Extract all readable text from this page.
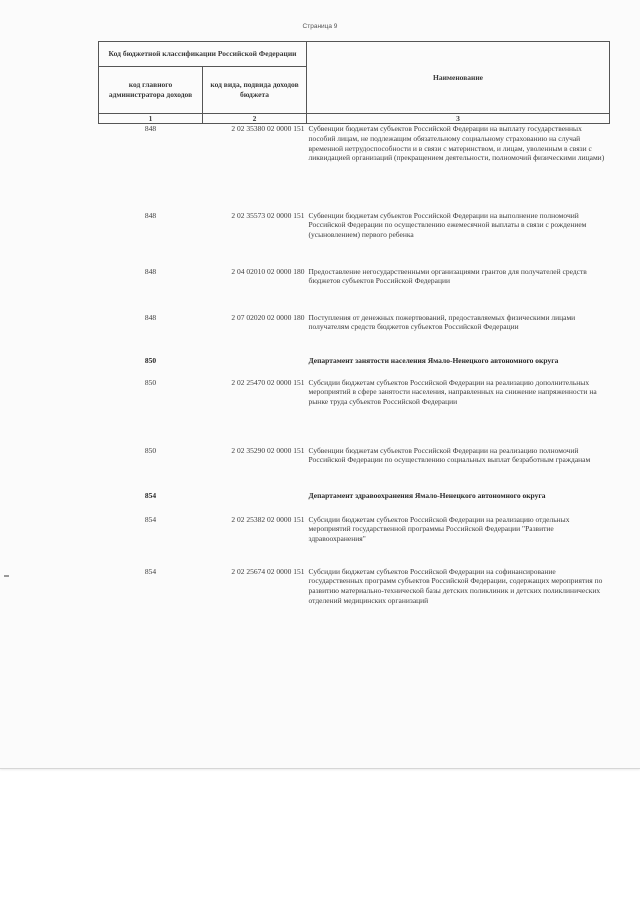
Страница 9
Код бюджетной классификации Российской Федерации		Наименование
код главного администратора доходов	код вида, подвида доходов бюджета	
1	2	3
848	2 02 35380 02 0000 151	Субвенции бюджетам субъектов Российской Федерации на выплату государственных пособий лицам, не подлежащим обязательному социальному страхованию на случай временной нетрудоспособности и в связи с материнством, и лицам, уволенным в связи с ликвидацией организаций (прекращением деятельности, полномочий физическими лицами)
848	2 02 35573 02 0000 151	Субвенции бюджетам субъектов Российской Федерации на выполнение полномочий Российской Федерации по осуществлению ежемесячной выплаты в связи с рождением (усыновлением) первого ребенка
848	2 04 02010 02 0000 180	Предоставление негосударственными организациями грантов для получателей средств бюджетов субъектов Российской Федерации
848	2 07 02020 02 0000 180	Поступления от денежных пожертвований, предоставляемых физическими лицами получателям средств бюджетов субъектов Российской Федерации
850		Департамент занятости населения Ямало-Ненецкого автономного округа
850	2 02 25470 02 0000 151	Субсидии бюджетам субъектов Российской Федерации на реализацию дополнительных мероприятий в сфере занятости населения, направленных на снижение напряженности на рынке труда субъектов Российской Федерации
850	2 02 35290 02 0000 151	Субвенции бюджетам субъектов Российской Федерации на реализацию полномочий Российской Федерации по осуществлению социальных выплат безработным гражданам
854		Департамент здравоохранения Ямало-Ненецкого автономного округа
854	2 02 25382 02 0000 151	Субсидии бюджетам субъектов Российской Федерации на реализацию отдельных мероприятий государственной программы Российской Федерации "Развитие здравоохранения"
854	2 02 25674 02 0000 151	Субсидии бюджетам субъектов Российской Федерации на софинансирование государственных программ субъектов Российской Федерации, содержащих мероприятия по развитию материально-технической базы детских поликлиник и детских поликлинических отделений медицинских организаций
